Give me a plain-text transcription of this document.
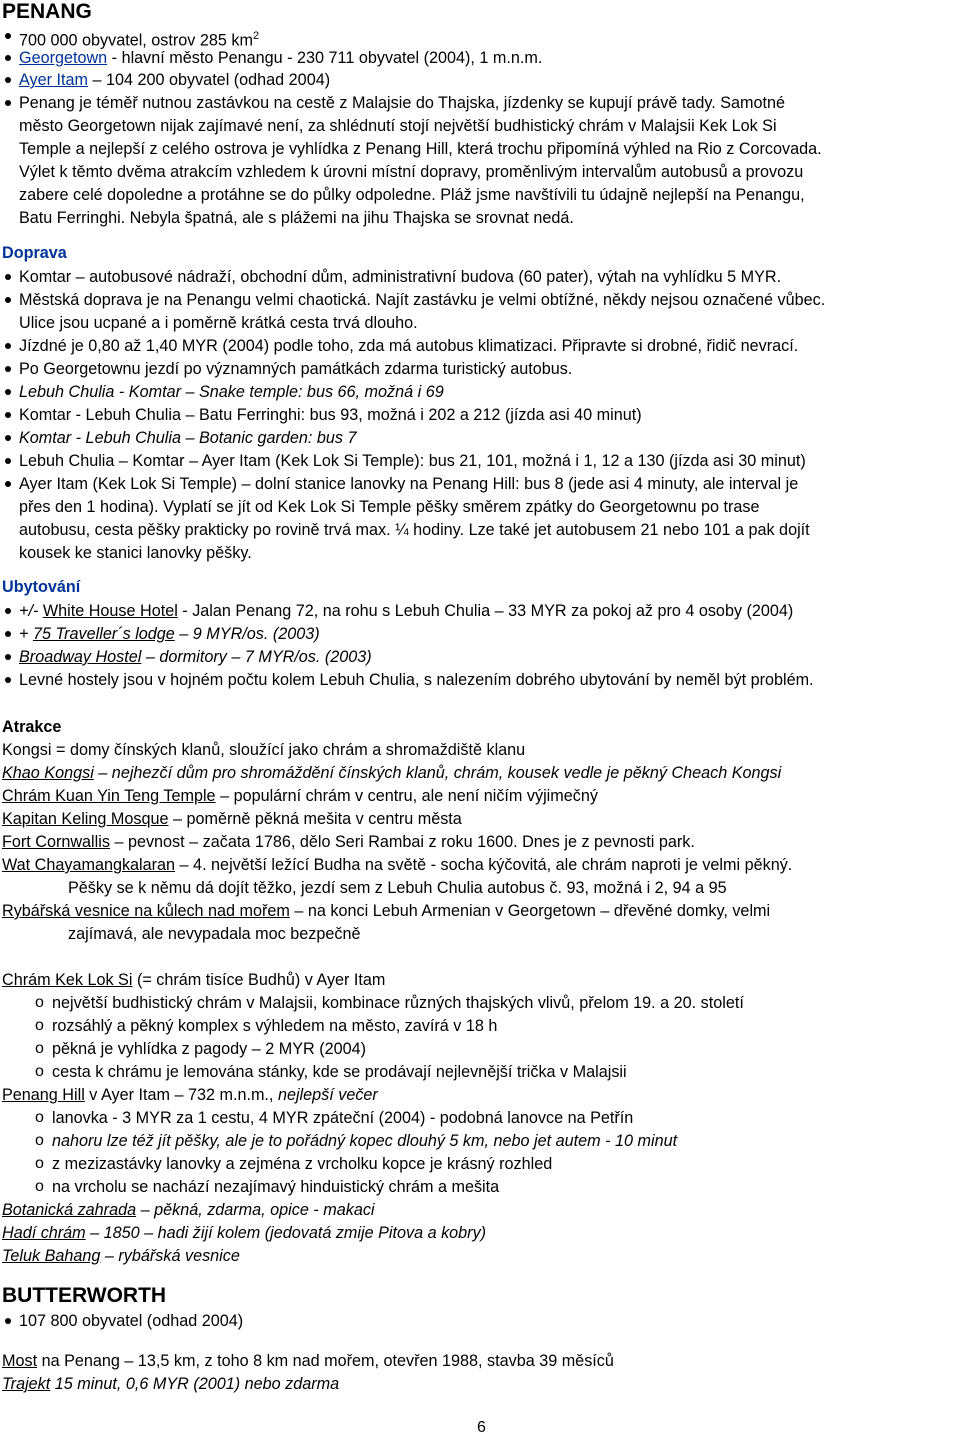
PENANG
700 000 obyvatel, ostrov 285 $km^2$
Georgetown - hlavní město Penangu - 230 711 obyvatel (2004), 1 m.n.m.
Ayer Itam – 104 200 obyvatel (odhad 2004)
Penang je téměř nutnou zastávkou na cestě z Malajsie do Thajska, jízdenky se kupují právě tady. Samotné
město Georgetown nijak zajímavé není, za shlédnutí stojí největší budhistický chrám v Malajsii Kek Lok Si
Temple a nejlepší z celého ostrova je vyhlídka z Penang Hill, která trochu připomíná výhled na Rio z Corcovada.
Výlet k těmto dvěma atrakcím vzhledem k úrovni místní dopravy, proměnlivým intervalům autobusů a provozu
zabere celé dopoledne a protáhne se do půlky odpoledne. Pláž jsme navštívili tu údajně nejlepší na Penangu,
Batu Ferringhi. Nebyla špatná, ale s plážemi na jihu Thajska se srovnat nedá.
Doprava
Komtar – autobusové nádraží, obchodní dům, administrativní budova (60 pater), výtah na vyhlídku 5 MYR.
Městská doprava je na Penangu velmi chaotická. Najít zastávku je velmi obtížné, někdy nejsou označené vůbec.
Ulice jsou ucpané a i poměrně krátká cesta trvá dlouho.
Jízdné je 0,80 až 1,40 MYR (2004) podle toho, zda má autobus klimatizaci. Připravte si drobné, řidič nevrací.
Po Georgetownu jezdí po významných památkách zdarma turistický autobus.
Lebuh Chulia - Komtar – Snake temple: bus 66, možná i 69
Komtar - Lebuh Chulia – Batu Ferringhi: bus 93, možná i 202 a 212 (jízda asi 40 minut)
Komtar - Lebuh Chulia – Botanic garden: bus 7
Lebuh Chulia – Komtar – Ayer Itam (Kek Lok Si Temple): bus 21, 101, možná i 1, 12 a 130 (jízda asi 30 minut)
Ayer Itam (Kek Lok Si Temple) – dolní stanice lanovky na Penang Hill: bus 8 (jede asi 4 minuty, ale interval je
přes den 1 hodina). Vyplatí se jít od Kek Lok Si Temple pěšky směrem zpátky do Georgetownu po trase
autobusu, cesta pěšky prakticky po rovině trvá max. ¼ hodiny. Lze také jet autobusem 21 nebo 101 a pak dojít
kousek ke stanici lanovky pěšky.
Ubytování
+/- White House Hotel - Jalan Penang 72, na rohu s Lebuh Chulia – 33 MYR za pokoj až pro 4 osoby (2004)
+ 75 Traveller´s lodge – 9 MYR/os. (2003)
Broadway Hostel – dormitory – 7 MYR/os. (2003)
Levné hostely jsou v hojném počtu kolem Lebuh Chulia, s nalezením dobrého ubytování by neměl být problém.
Atrakce
Kongsi = domy čínských klanů, sloužící jako chrám a shromaždiště klanu
Khao Kongsi – nejhezčí dům pro shromáždění čínských klanů, chrám, kousek vedle je pěkný Cheach Kongsi
Chrám Kuan Yin Teng Temple – populární chrám v centru, ale není ničím výjimečný
Kapitan Keling Mosque – poměrně pěkná mešita v centru města
Fort Cornwallis – pevnost – začata 1786, dělo Seri Rambai z roku 1600. Dnes je z pevnosti park.
Wat Chayamangkalaran – 4. největší ležící Budha na světě - socha kýčovitá, ale chrám naproti je velmi pěkný.
Pěšky se k němu dá dojít těžko, jezdí sem z Lebuh Chulia autobus č. 93, možná i 2, 94 a 95
Rybářská vesnice na kůlech nad mořem – na konci Lebuh Armenian v Georgetown – dřevěné domky, velmi
zajímavá, ale nevypadala moc bezpečně
Chrám Kek Lok Si (= chrám tisíce Budhů) v Ayer Itam
o největší budhistický chrám v Malajsii, kombinace různých thajských vlivů, přelom 19. a 20. století
o rozsáhlý a pěkný komplex s výhledem na město, zavírá v 18 h
o pěkná je vyhlídka z pagody – 2 MYR (2004)
o cesta k chrámu je lemována stánky, kde se prodávají nejlevnější trička v Malajsii
Penang Hill v Ayer Itam – 732 m.n.m., nejlepší večer
o lanovka - 3 MYR za 1 cestu, 4 MYR zpáteční (2004) - podobná lanovce na Petřín
o nahoru lze též jít pěšky, ale je to pořádný kopec dlouhý 5 km, nebo jet autem - 10 minut
o z mezizastávky lanovky a zejména z vrcholku kopce je krásný rozhled
o na vrcholu se nachází nezajímavý hinduistický chrám a mešita
Botanická zahrada – pěkná, zdarma, opice - makaci
Hadí chrám – 1850 – hadi žijí kolem (jedovatá zmije Pitova a kobry)
Teluk Bahang – rybářská vesnice
BUTTERWORTH
107 800 obyvatel (odhad 2004)
Most na Penang – 13,5 km, z toho 8 km nad mořem, otevřen 1988, stavba 39 měsíců
Trajekt 15 minut, 0,6 MYR (2001) nebo zdarma
6
